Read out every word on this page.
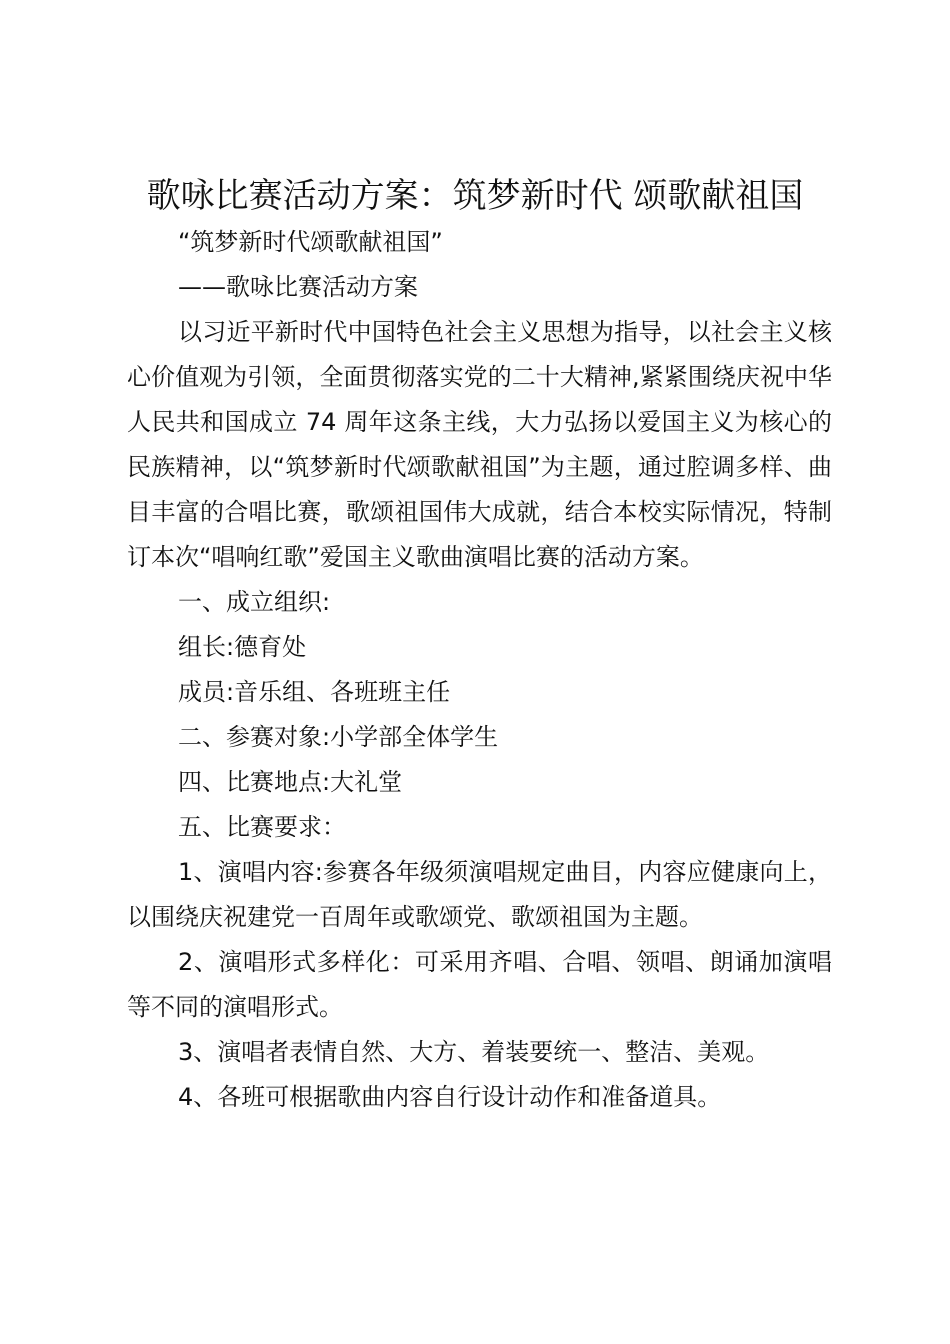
歌咏比赛活动方案：筑梦新时代 颂歌献祖国

“筑梦新时代颂歌献祖国”

——歌咏比赛活动方案

以习近平新时代中国特色社会主义思想为指导，以社会主义核心价值观为引领，全面贯彻落实党的二十大精神,紧紧围绕庆祝中华人民共和国成立 74 周年这条主线，大力弘扬以爱国主义为核心的民族精神，以“筑梦新时代颂歌献祖国”为主题，通过腔调多样、曲目丰富的合唱比赛，歌颂祖国伟大成就，结合本校实际情况，特制订本次“唱响红歌”爱国主义歌曲演唱比赛的活动方案。

一、成立组织:

组长:德育处

成员:音乐组、各班班主任

二、参赛对象:小学部全体学生

四、比赛地点:大礼堂

五、比赛要求：

1、演唱内容:参赛各年级须演唱规定曲目，内容应健康向上，以围绕庆祝建党一百周年或歌颂党、歌颂祖国为主题。

2、演唱形式多样化：可采用齐唱、合唱、领唱、朗诵加演唱等不同的演唱形式。

3、演唱者表情自然、大方、着装要统一、整洁、美观。

4、各班可根据歌曲内容自行设计动作和准备道具。
